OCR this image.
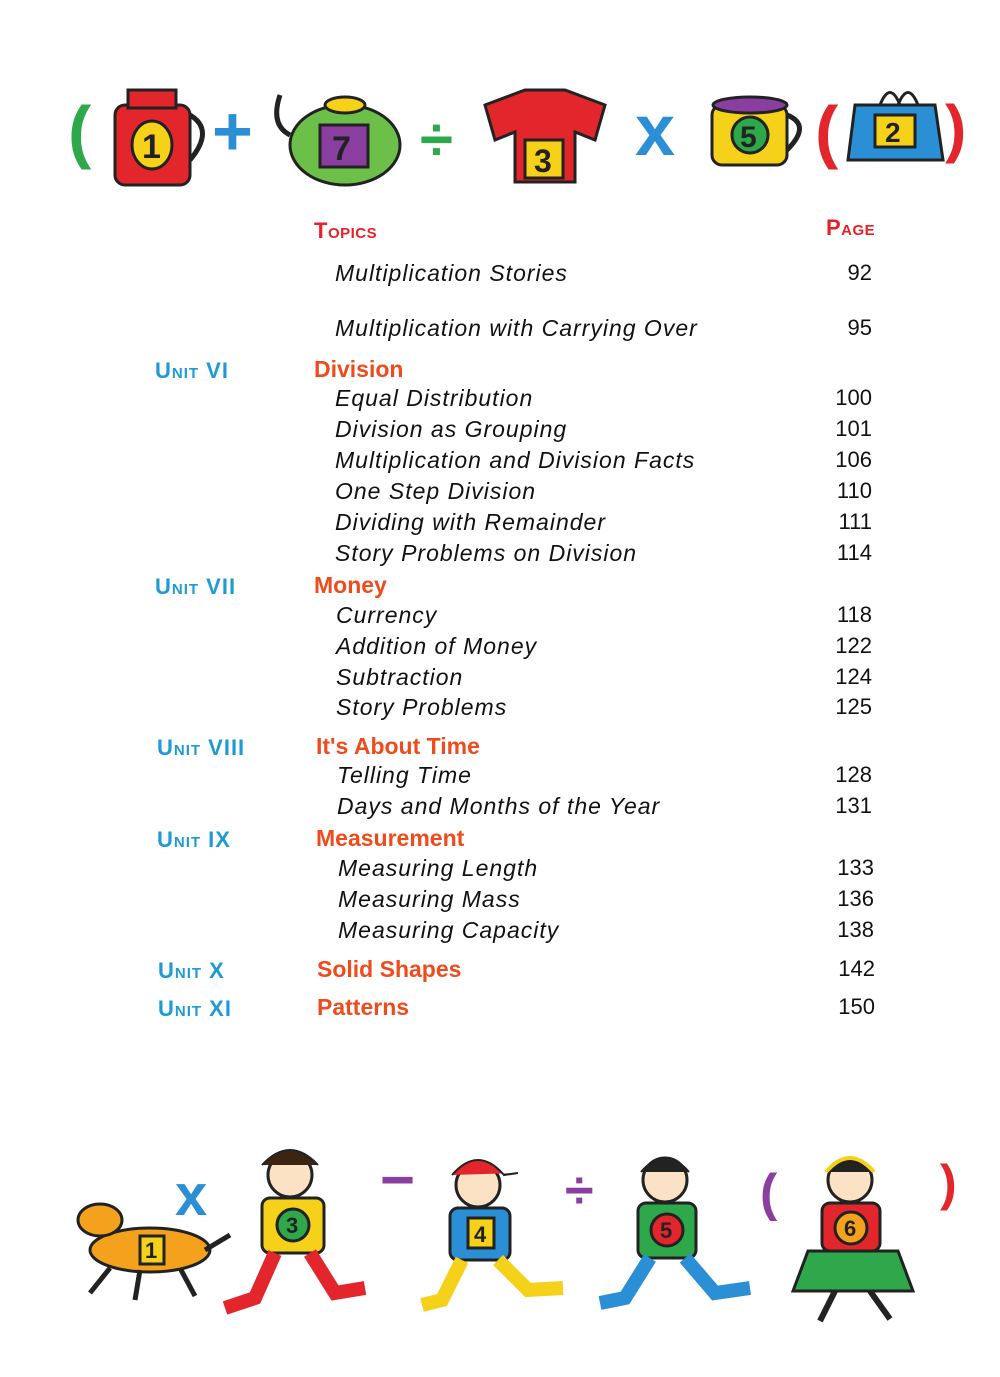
( 1 + 7 ÷	3 x 5 ( 2 )
Topics	Page
Multiplication Stories	92
Multiplication with Carrying Over	95
Unit VI	Division
Equal Distribution	100
Division as Grouping	101
Multiplication and Division Facts	106
One Step Division	110
Dividing with Remainder	111
Story Problems on Division	114
Unit VII	Money
Currency	118
Addition of Money	122
Subtraction	124
Story Problems	125
Unit VIII	It's About Time
Telling Time	128
Days and Months of the Year	131
Unit IX	Measurement
Measuring Length	133
Measuring Mass	136
Measuring Capacity	138
Unit X	Solid Shapes	142
Unit XI	Patterns	150
1
x	3
−
4
÷
5
(
6
)
